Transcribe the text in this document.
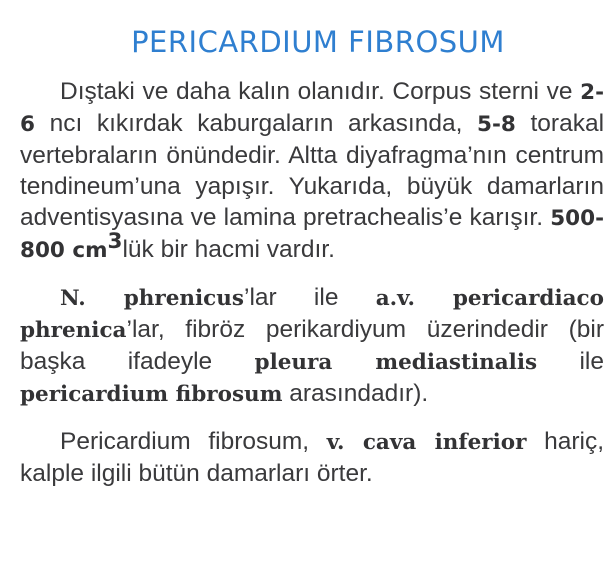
PERICARDIUM FIBROSUM

Dıştaki ve daha kalın olanıdır. Corpus sterni ve 2-6 ncı kıkırdak kaburgaların arkasında, 5-8 torakal vertebraların önündedir. Altta diyafragma’nın centrum tendineum’una yapışır. Yukarıda, büyük damarların adventisyasına ve lamina pretrachealis’e karışır. 500-800 $cm^3lük$ bir hacmi vardır.

N. phrenicus’lar ile a.v. pericardiaco phrenica’lar, fibröz perikardiyum üzerindedir (bir başka ifadeyle pleura mediastinalis ile pericardium fibrosum arasındadır).

Pericardium fibrosum, v. cava inferior hariç, kalple ilgili bütün damarları örter.
